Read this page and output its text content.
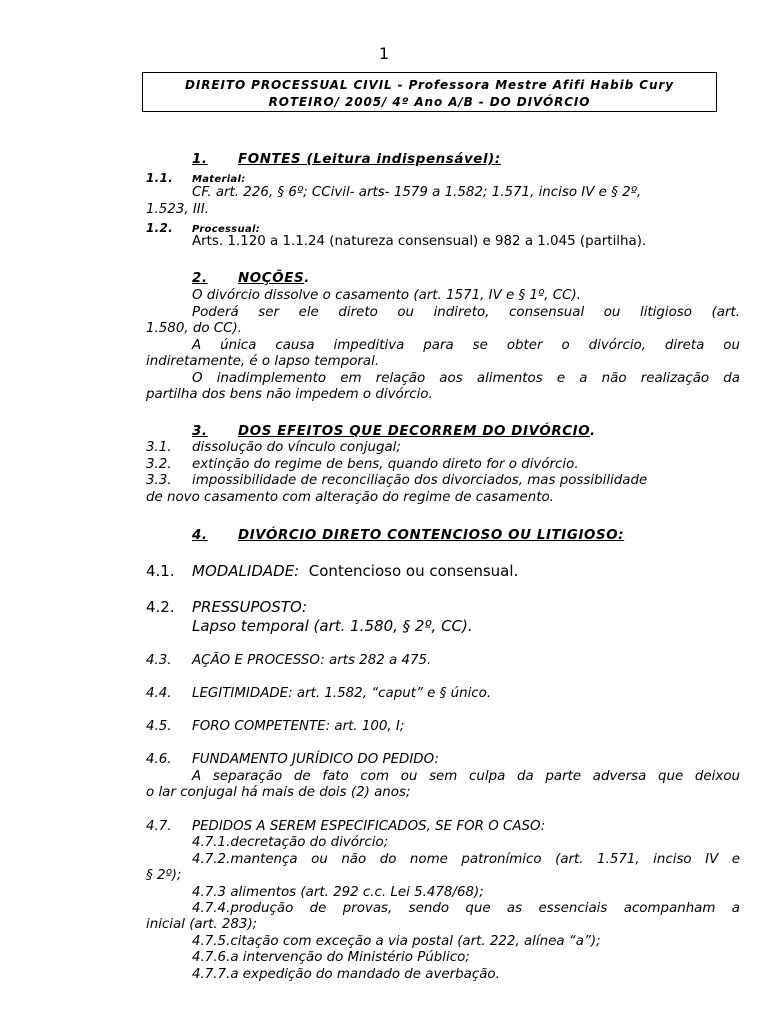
1
DIREITO PROCESSUAL CIVIL - Professora Mestre Afifi Habib Cury
ROTEIRO/ 2005/ 4º Ano A/B - DO DIVÓRCIO
1. FONTES (Leitura indispensável):
1.1. Material:
CF. art. 226, § 6º; CCivil- arts- 1579 a 1.582; 1.571, inciso IV e § 2º,
1.523, III.
1.2. Processual:
Arts. 1.120 a 1.1.24 (natureza consensual) e 982 a 1.045 (partilha).
2. NOÇÕES.
O divórcio dissolve o casamento (art. 1571, IV e § 1º, CC).
Poderá ser ele direto ou indireto, consensual ou litigioso (art.
1.580, do CC).
A única causa impeditiva para se obter o divórcio, direta ou
indiretamente, é o lapso temporal.
O inadimplemento em relação aos alimentos e a não realização da
partilha dos bens não impedem o divórcio.
3. DOS EFEITOS QUE DECORREM DO DIVÓRCIO.
3.1. dissolução do vínculo conjugal;
3.2. extinção do regime de bens, quando direto for o divórcio.
3.3. impossibilidade de reconciliação dos divorciados, mas possibilidade
de novo casamento com alteração do regime de casamento.
4. DIVÓRCIO DIRETO CONTENCIOSO OU LITIGIOSO:
4.1. MODALIDADE: Contencioso ou consensual.
4.2. PRESSUPOSTO:
Lapso temporal (art. 1.580, § 2º, CC).
4.3. AÇÃO E PROCESSO: arts 282 a 475.
4.4. LEGITIMIDADE: art. 1.582, “caput” e § único.
4.5. FORO COMPETENTE: art. 100, I;
4.6. FUNDAMENTO JURÍDICO DO PEDIDO:
A separação de fato com ou sem culpa da parte adversa que deixou
o lar conjugal há mais de dois (2) anos;
4.7. PEDIDOS A SEREM ESPECIFICADOS, SE FOR O CASO:
4.7.1.decretação do divórcio;
4.7.2.mantença ou não do nome patronímico (art. 1.571, inciso IV e
§ 2º);
4.7.3 alimentos (art. 292 c.c. Lei 5.478/68);
4.7.4.produção de provas, sendo que as essenciais acompanham a
inicial (art. 283);
4.7.5.citação com exceção a via postal (art. 222, alínea “a”);
4.7.6.a intervenção do Ministério Público;
4.7.7.a expedição do mandado de averbação.
